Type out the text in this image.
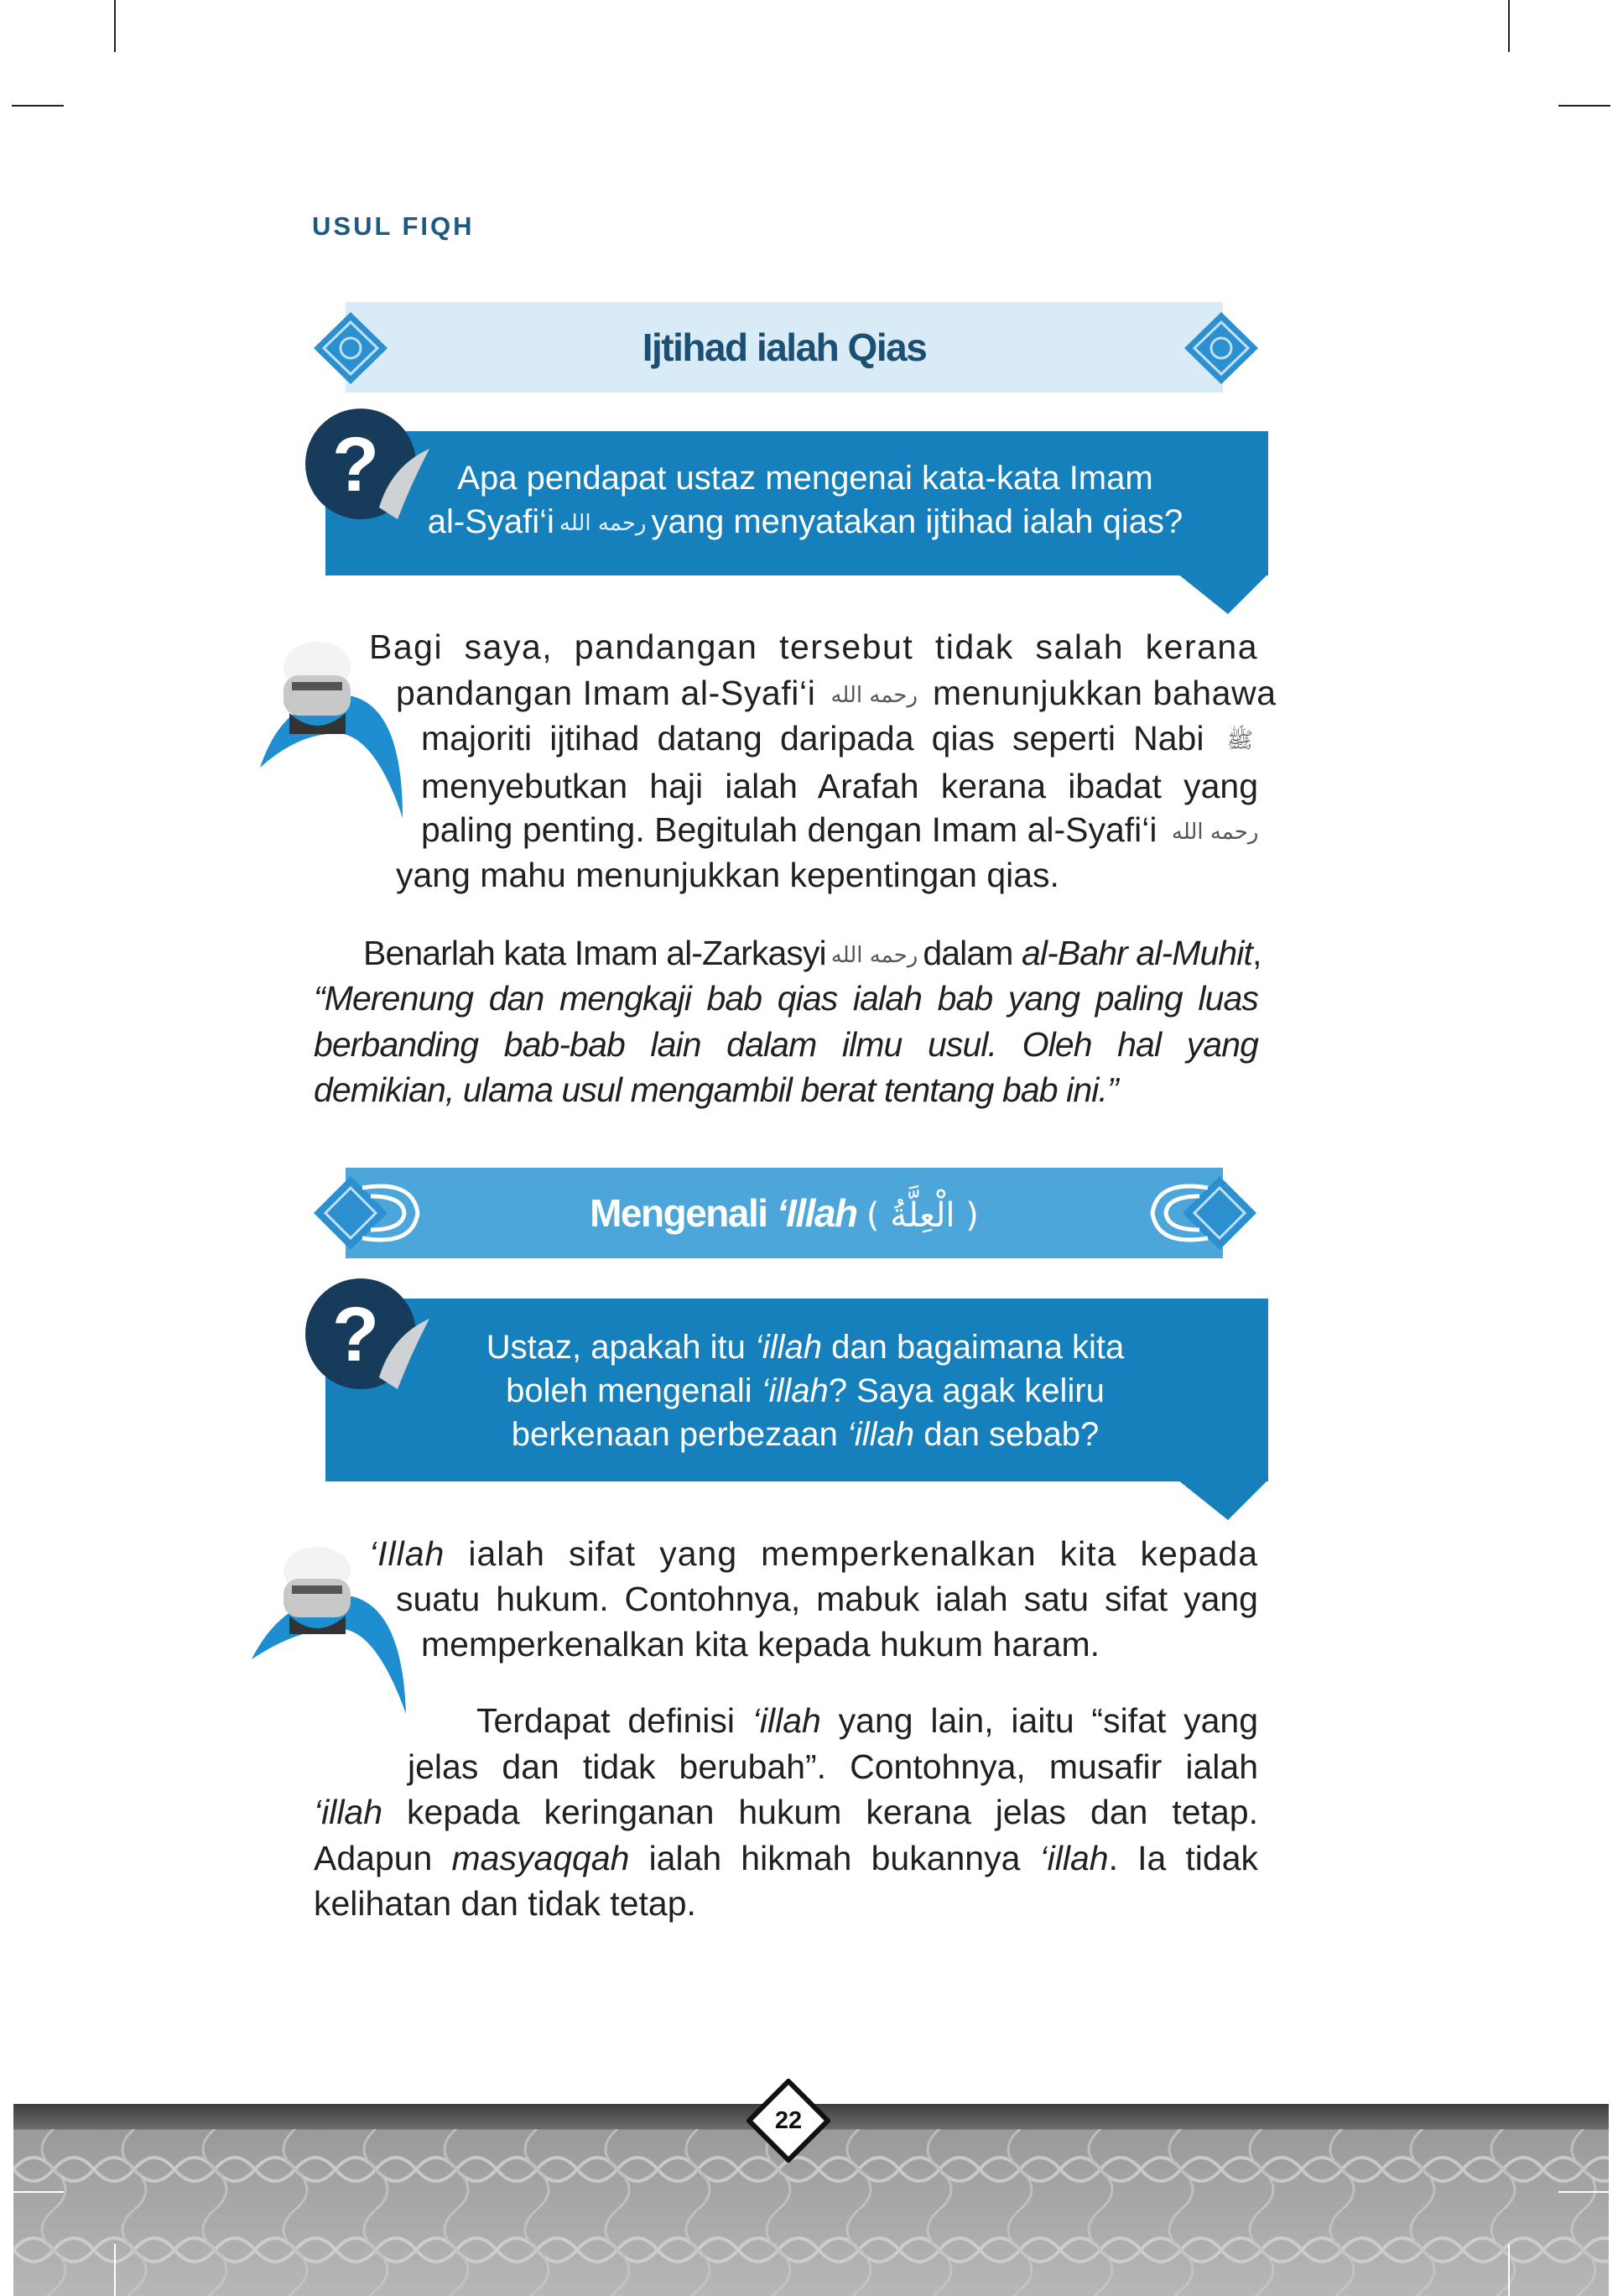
USUL FIQH
Ijtihad ialah Qias
Apa pendapat ustaz mengenai kata-kata Imam
al-Syafi‘i رحمه الله yang menyatakan ijtihad ialah qias?
?
Bagi saya, pandangan tersebut tidak salah kerana
pandangan Imam al-Syafi‘i رحمه الله menunjukkan bahawa
majoriti ijtihad datang daripada qias seperti Nabi ﷺ
menyebutkan haji ialah Arafah kerana ibadat yang
paling penting. Begitulah dengan Imam al-Syafi‘i رحمه الله
yang mahu menunjukkan kepentingan qias.
Benarlah kata Imam al-Zarkasyi رحمه الله dalam al-Bahr al-Muhit,
“Merenung dan mengkaji bab qias ialah bab yang paling luas
berbanding bab-bab lain dalam ilmu usul. Oleh hal yang
demikian, ulama usul mengambil berat tentang bab ini.”
Mengenali ‘Illah ( الْعِلَّةُ )
Ustaz, apakah itu ‘illah dan bagaimana kita
boleh mengenali ‘illah? Saya agak keliru
berkenaan perbezaan ‘illah dan sebab?
?
‘Illah ialah sifat yang memperkenalkan kita kepada
suatu hukum. Contohnya, mabuk ialah satu sifat yang
memperkenalkan kita kepada hukum haram.
Terdapat definisi ‘illah yang lain, iaitu “sifat yang
jelas dan tidak berubah”. Contohnya, musafir ialah
‘illah kepada keringanan hukum kerana jelas dan tetap.
Adapun masyaqqah ialah hikmah bukannya ‘illah. Ia tidak
kelihatan dan tidak tetap.
22
